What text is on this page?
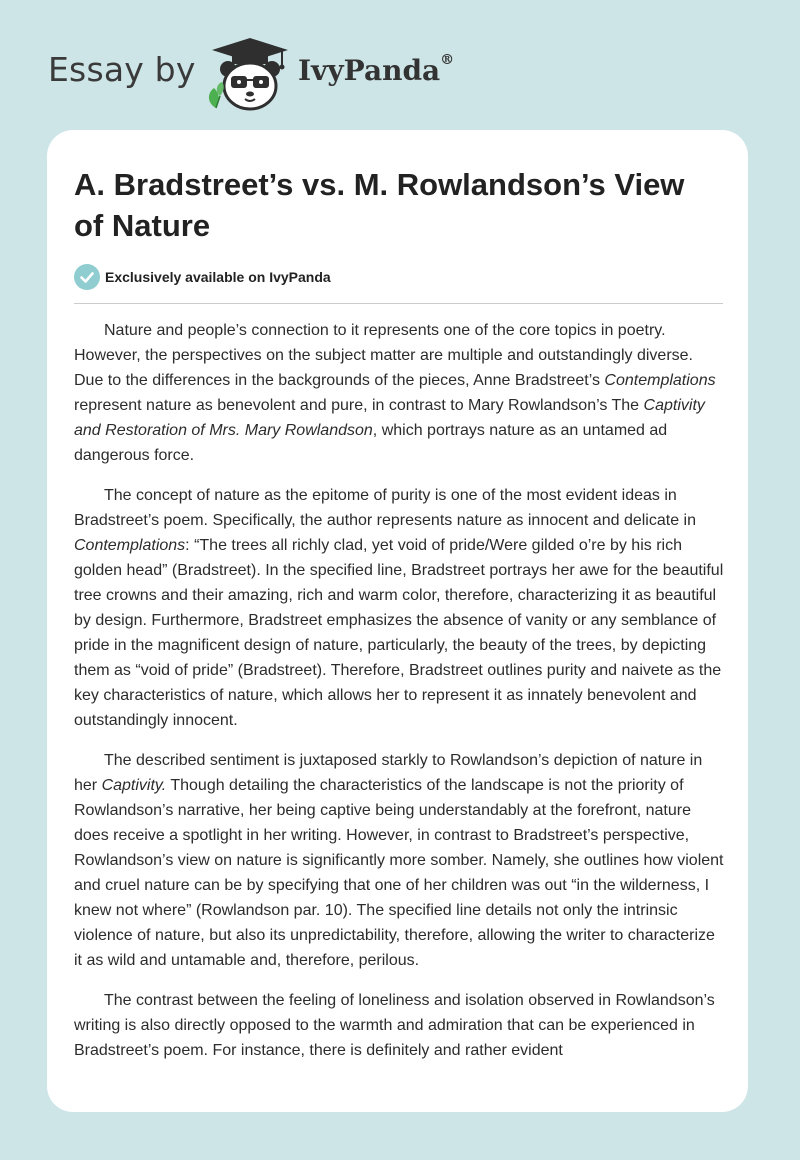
Essay by	IvyPanda®
A. Bradstreet’s vs. M. Rowlandson’s View of Nature
Exclusively available on IvyPanda

Nature and people’s connection to it represents one of the core topics in poetry. However, the perspectives on the subject matter are multiple and outstandingly diverse. Due to the differences in the backgrounds of the pieces, Anne Bradstreet’s Contemplations represent nature as benevolent and pure, in contrast to Mary Rowlandson’s The Captivity and Restoration of Mrs. Mary Rowlandson, which portrays nature as an untamed ad dangerous force.

The concept of nature as the epitome of purity is one of the most evident ideas in Bradstreet’s poem. Specifically, the author represents nature as innocent and delicate in Contemplations: “The trees all richly clad, yet void of pride/Were gilded o’re by his rich golden head” (Bradstreet). In the specified line, Bradstreet portrays her awe for the beautiful tree crowns and their amazing, rich and warm color, therefore, characterizing it as beautiful by design. Furthermore, Bradstreet emphasizes the absence of vanity or any semblance of pride in the magnificent design of nature, particularly, the beauty of the trees, by depicting them as “void of pride” (Bradstreet). Therefore, Bradstreet outlines purity and naivete as the key characteristics of nature, which allows her to represent it as innately benevolent and outstandingly innocent.

The described sentiment is juxtaposed starkly to Rowlandson’s depiction of nature in her Captivity. Though detailing the characteristics of the landscape is not the priority of Rowlandson’s narrative, her being captive being understandably at the forefront, nature does receive a spotlight in her writing. However, in contrast to Bradstreet’s perspective, Rowlandson’s view on nature is significantly more somber. Namely, she outlines how violent and cruel nature can be by specifying that one of her children was out “in the wilderness, I knew not where” (Rowlandson par. 10). The specified line details not only the intrinsic violence of nature, but also its unpredictability, therefore, allowing the writer to characterize it as wild and untamable and, therefore, perilous.

The contrast between the feeling of loneliness and isolation observed in Rowlandson’s writing is also directly opposed to the warmth and admiration that can be experienced in Bradstreet’s poem. For instance, there is definitely and rather evident
